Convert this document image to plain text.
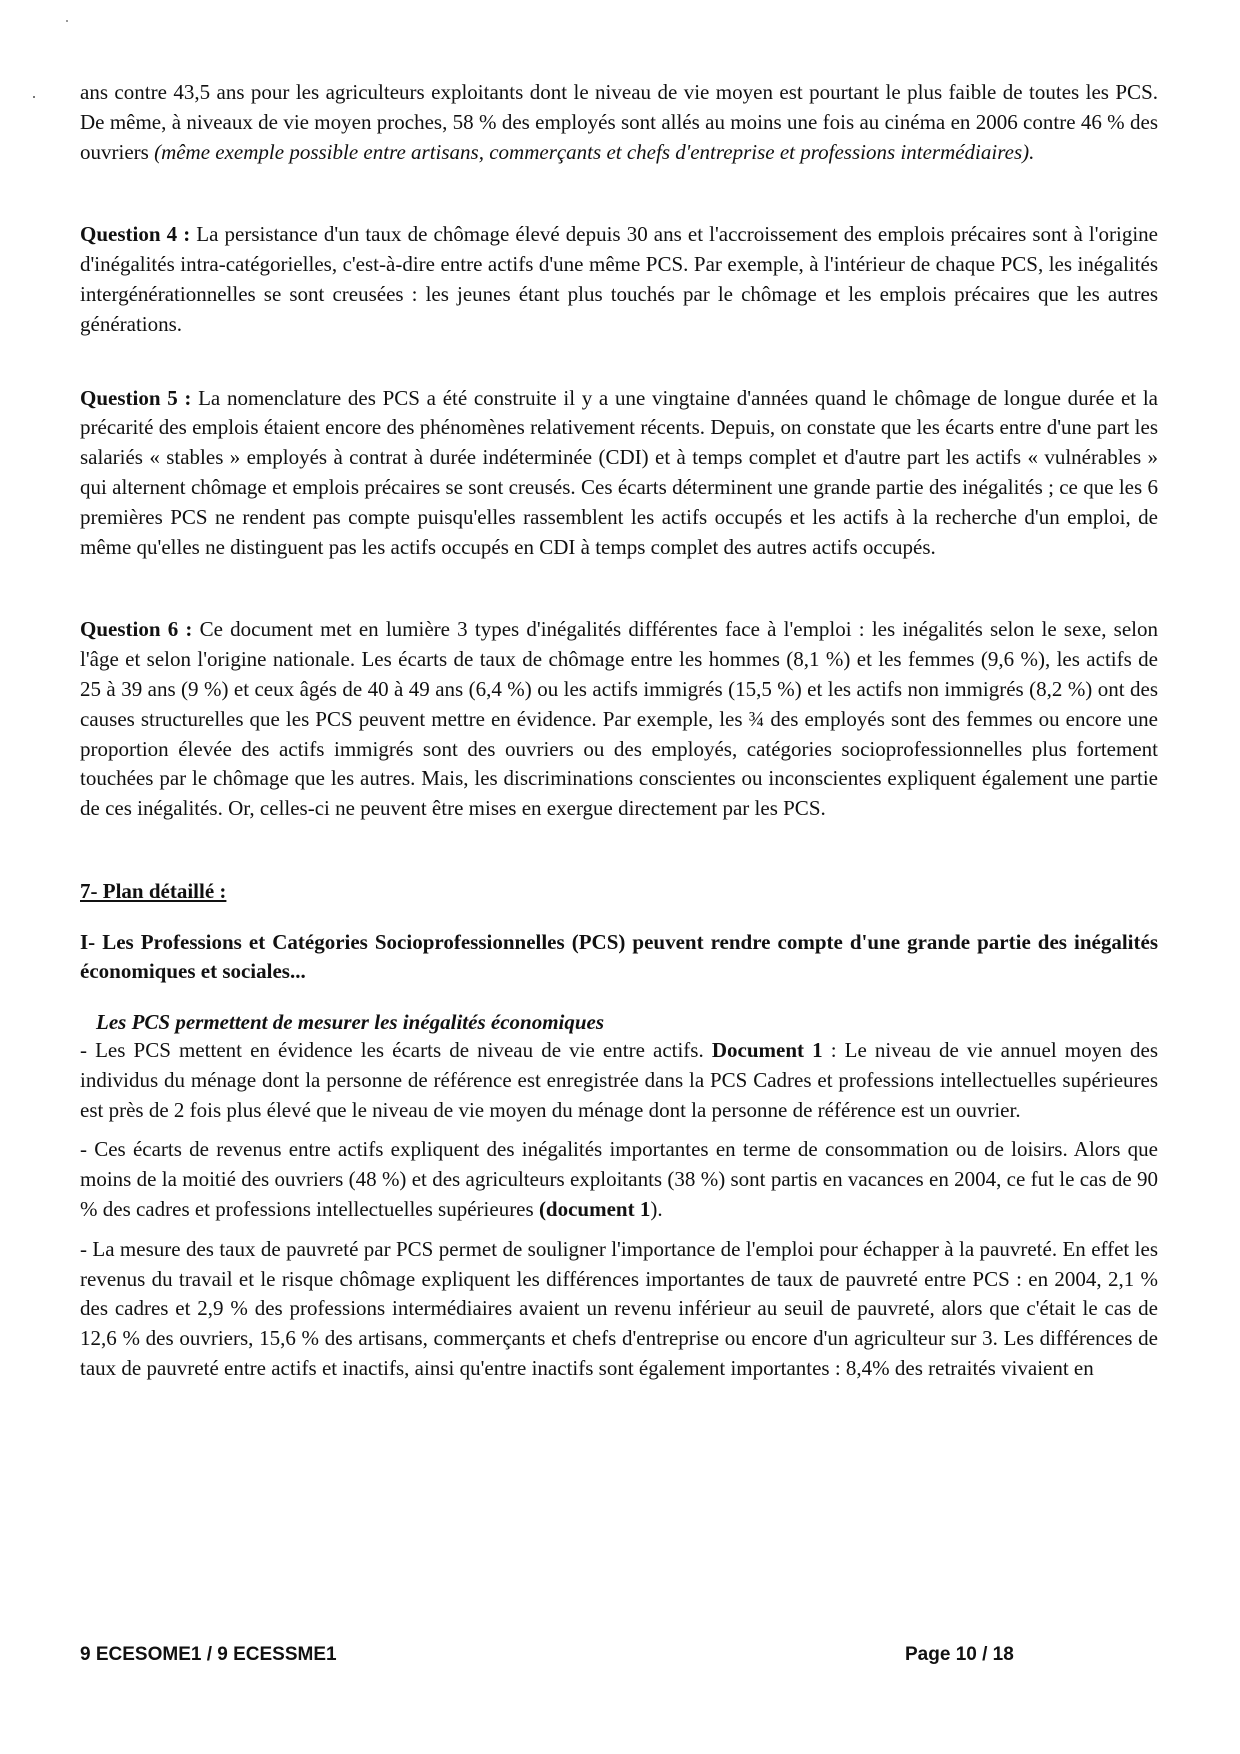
ans contre 43,5 ans pour les agriculteurs exploitants dont le niveau de vie moyen est pourtant le plus faible de toutes les PCS. De même, à niveaux de vie moyen proches, 58 % des employés sont allés au moins une fois au cinéma en 2006 contre 46 % des ouvriers (même exemple possible entre artisans, commerçants et chefs d'entreprise et professions intermédiaires).

Question 4 : La persistance d'un taux de chômage élevé depuis 30 ans et l'accroissement des emplois précaires sont à l'origine d'inégalités intra-catégorielles, c'est-à-dire entre actifs d'une même PCS. Par exemple, à l'intérieur de chaque PCS, les inégalités intergénérationnelles se sont creusées : les jeunes étant plus touchés par le chômage et les emplois précaires que les autres générations.

Question 5 : La nomenclature des PCS a été construite il y a une vingtaine d'années quand le chômage de longue durée et la précarité des emplois étaient encore des phénomènes relativement récents. Depuis, on constate que les écarts entre d'une part les salariés « stables » employés à contrat à durée indéterminée (CDI) et à temps complet et d'autre part les actifs « vulnérables » qui alternent chômage et emplois précaires se sont creusés. Ces écarts déterminent une grande partie des inégalités ; ce que les 6 premières PCS ne rendent pas compte puisqu'elles rassemblent les actifs occupés et les actifs à la recherche d'un emploi, de même qu'elles ne distinguent pas les actifs occupés en CDI à temps complet des autres actifs occupés.

Question 6 : Ce document met en lumière 3 types d'inégalités différentes face à l'emploi : les inégalités selon le sexe, selon l'âge et selon l'origine nationale. Les écarts de taux de chômage entre les hommes (8,1 %) et les femmes (9,6 %), les actifs de 25 à 39 ans (9 %) et ceux âgés de 40 à 49 ans (6,4 %) ou les actifs immigrés (15,5 %) et les actifs non immigrés (8,2 %) ont des causes structurelles que les PCS peuvent mettre en évidence. Par exemple, les ¾ des employés sont des femmes ou encore une proportion élevée des actifs immigrés sont des ouvriers ou des employés, catégories socioprofessionnelles plus fortement touchées par le chômage que les autres. Mais, les discriminations conscientes ou inconscientes expliquent également une partie de ces inégalités. Or, celles-ci ne peuvent être mises en exergue directement par les PCS.

7- Plan détaillé :
I- Les Professions et Catégories Socioprofessionnelles (PCS) peuvent rendre compte d'une grande partie des inégalités économiques et sociales...
Les PCS permettent de mesurer les inégalités économiques

- Les PCS mettent en évidence les écarts de niveau de vie entre actifs. Document 1 : Le niveau de vie annuel moyen des individus du ménage dont la personne de référence est enregistrée dans la PCS Cadres et professions intellectuelles supérieures est près de 2 fois plus élevé que le niveau de vie moyen du ménage dont la personne de référence est un ouvrier.

- Ces écarts de revenus entre actifs expliquent des inégalités importantes en terme de consommation ou de loisirs. Alors que moins de la moitié des ouvriers (48 %) et des agriculteurs exploitants (38 %) sont partis en vacances en 2004, ce fut le cas de 90 % des cadres et professions intellectuelles supérieures (document 1).

- La mesure des taux de pauvreté par PCS permet de souligner l'importance de l'emploi pour échapper à la pauvreté. En effet les revenus du travail et le risque chômage expliquent les différences importantes de taux de pauvreté entre PCS : en 2004, 2,1 % des cadres et 2,9 % des professions intermédiaires avaient un revenu inférieur au seuil de pauvreté, alors que c'était le cas de 12,6 % des ouvriers, 15,6 % des artisans, commerçants et chefs d'entreprise ou encore d'un agriculteur sur 3. Les différences de taux de pauvreté entre actifs et inactifs, ainsi qu'entre inactifs sont également importantes : 8,4% des retraités vivaient en

9 ECESOME1 / 9 ECESSME1	Page 10 / 18
